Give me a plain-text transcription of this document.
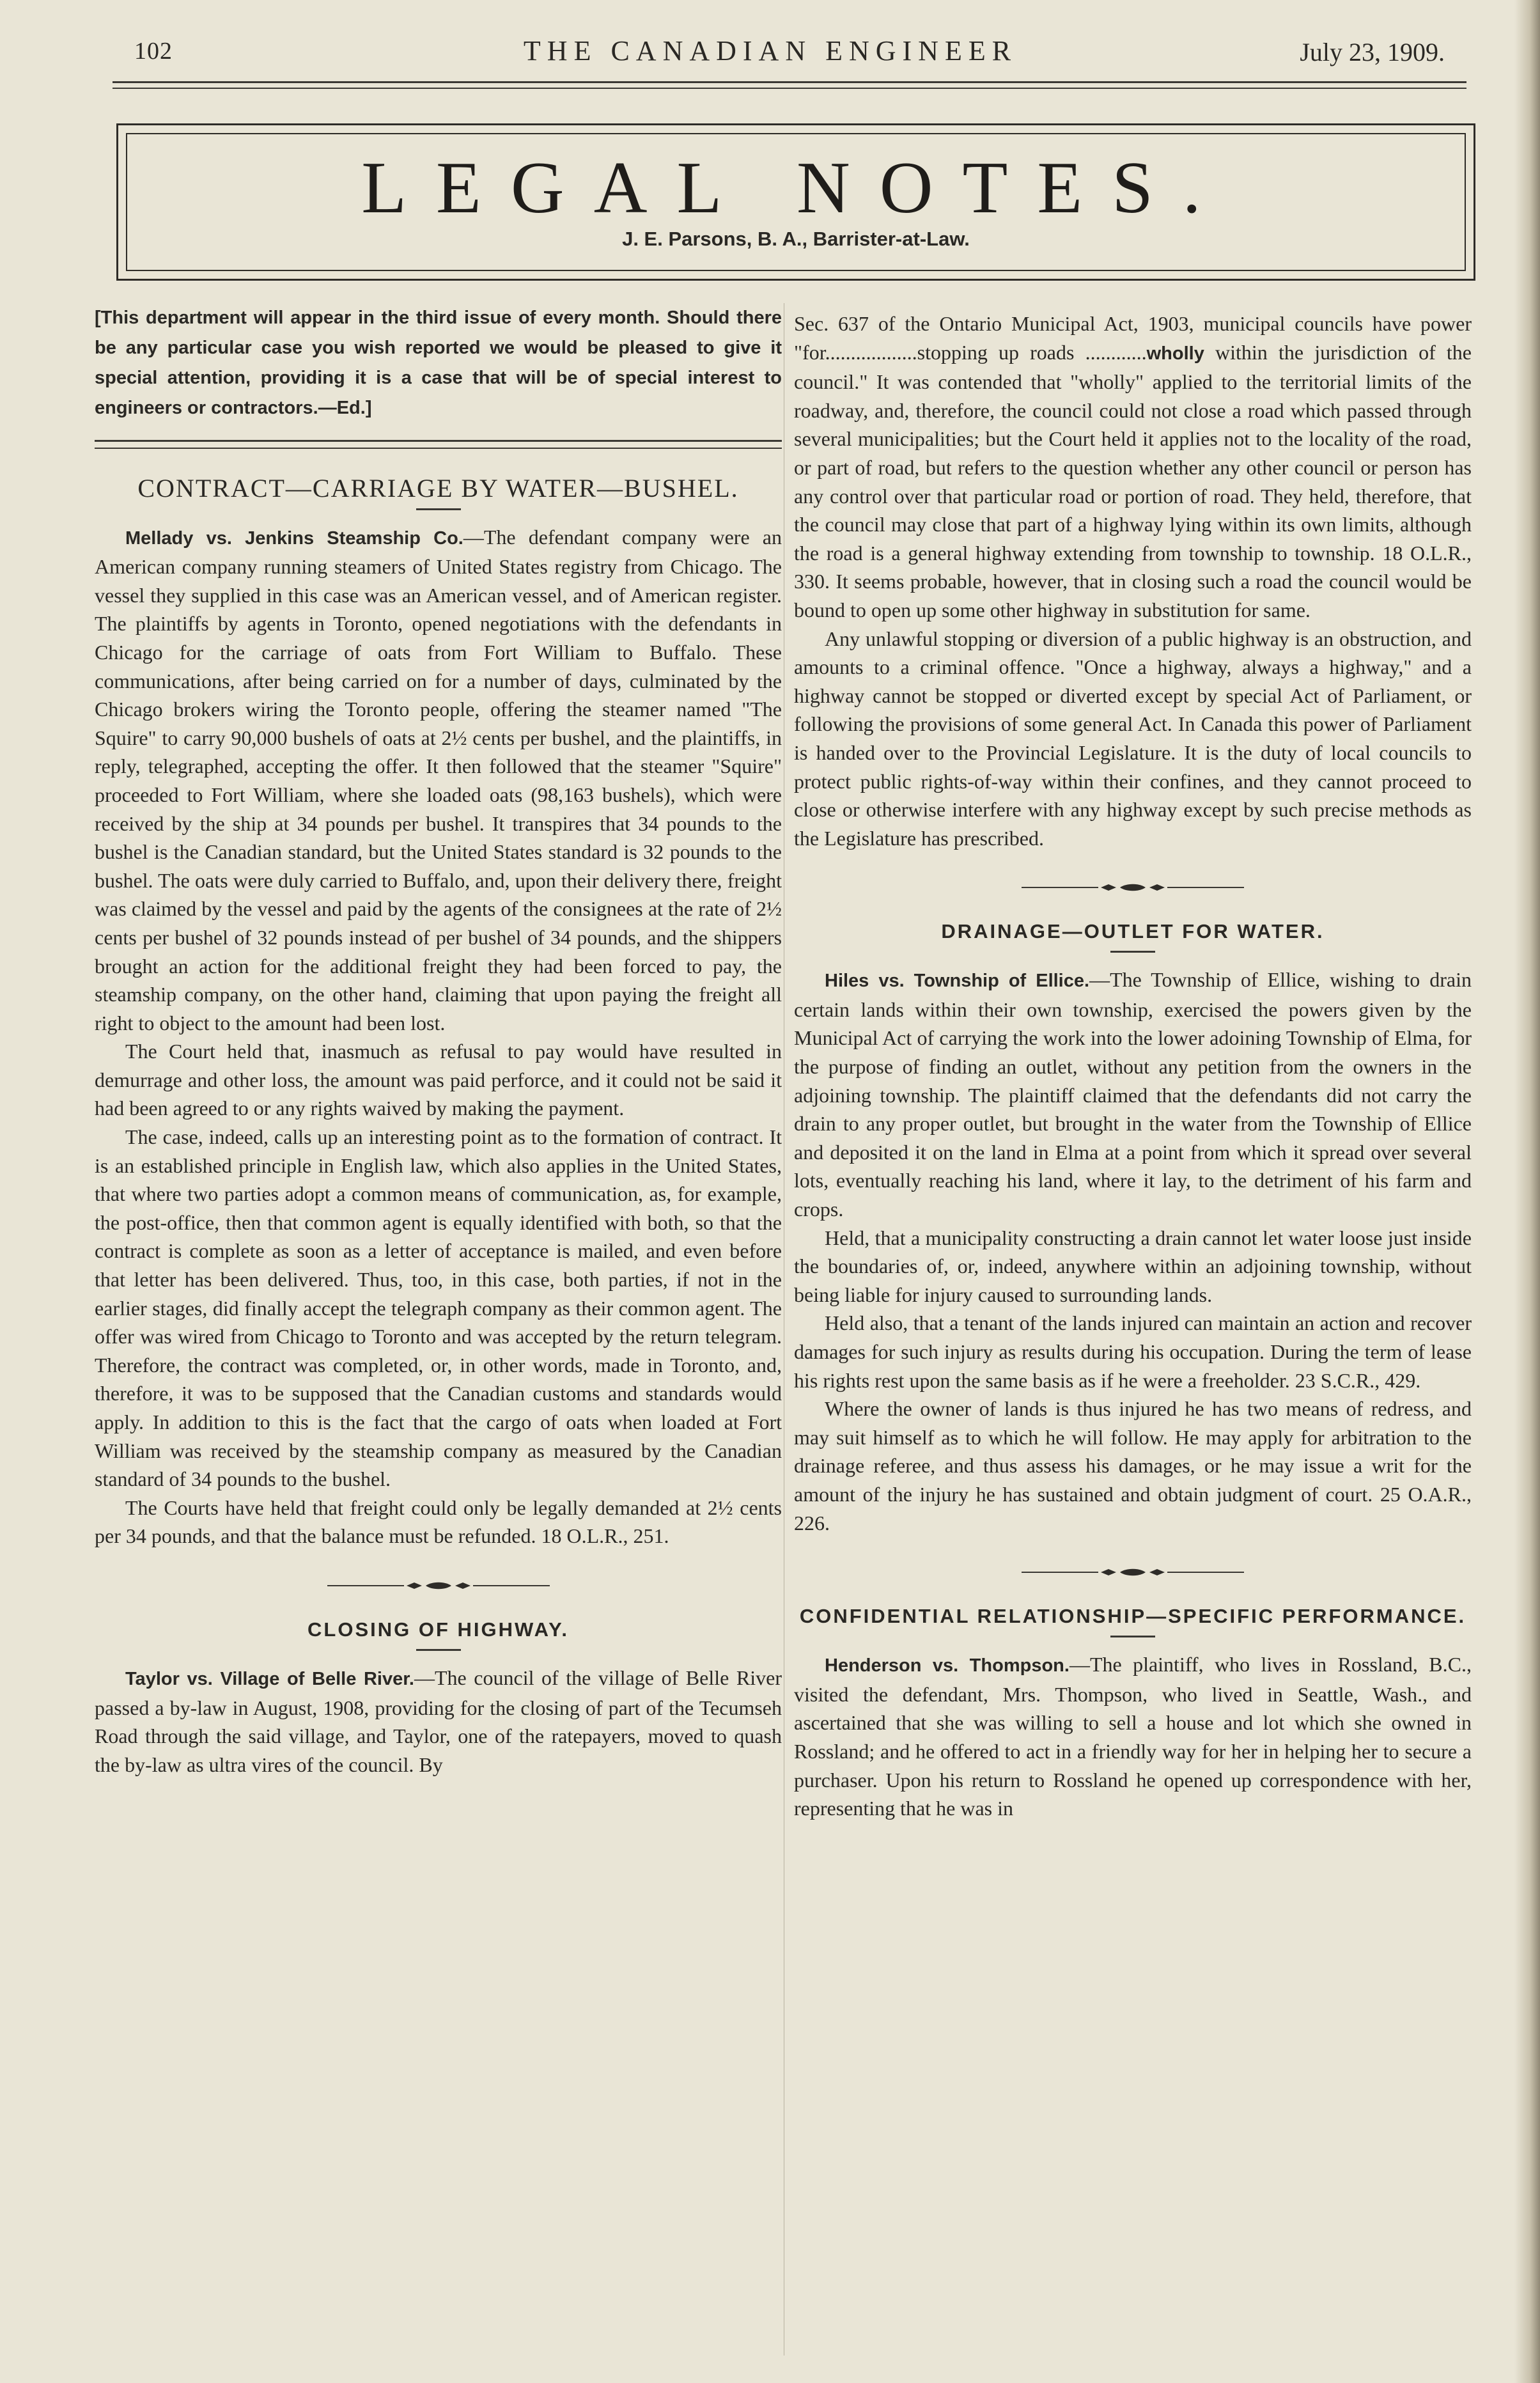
102	THE CANADIAN ENGINEER	July 23, 1909.
LEGAL NOTES.
J. E. Parsons, B. A., Barrister-at-Law.

[This department will appear in the third issue of every month. Should there be any particular case you wish reported we would be pleased to give it special attention, providing it is a case that will be of special interest to engineers or contractors.—Ed.]

CONTRACT—CARRIAGE BY WATER—BUSHEL.

Mellady vs. Jenkins Steamship Co.—The defendant company were an American company running steamers of United States registry from Chicago. The vessel they supplied in this case was an American vessel, and of American register. The plaintiffs by agents in Toronto, opened negotiations with the defendants in Chicago for the carriage of oats from Fort William to Buffalo. These communications, after being carried on for a number of days, culminated by the Chicago brokers wiring the Toronto people, offering the steamer named "The Squire" to carry 90,000 bushels of oats at 2½ cents per bushel, and the plaintiffs, in reply, telegraphed, accepting the offer. It then followed that the steamer "Squire" proceeded to Fort William, where she loaded oats (98,163 bushels), which were received by the ship at 34 pounds per bushel. It transpires that 34 pounds to the bushel is the Canadian standard, but the United States standard is 32 pounds to the bushel. The oats were duly carried to Buffalo, and, upon their delivery there, freight was claimed by the vessel and paid by the agents of the consignees at the rate of 2½ cents per bushel of 32 pounds instead of per bushel of 34 pounds, and the shippers brought an action for the additional freight they had been forced to pay, the steamship company, on the other hand, claiming that upon paying the freight all right to object to the amount had been lost.

The Court held that, inasmuch as refusal to pay would have resulted in demurrage and other loss, the amount was paid perforce, and it could not be said it had been agreed to or any rights waived by making the payment.

The case, indeed, calls up an interesting point as to the formation of contract. It is an established principle in English law, which also applies in the United States, that where two parties adopt a common means of communication, as, for example, the post-office, then that common agent is equally identified with both, so that the contract is complete as soon as a letter of acceptance is mailed, and even before that letter has been delivered. Thus, too, in this case, both parties, if not in the earlier stages, did finally accept the telegraph company as their common agent. The offer was wired from Chicago to Toronto and was accepted by the return telegram. Therefore, the contract was completed, or, in other words, made in Toronto, and, therefore, it was to be supposed that the Canadian customs and standards would apply. In addition to this is the fact that the cargo of oats when loaded at Fort William was received by the steamship company as measured by the Canadian standard of 34 pounds to the bushel.

The Courts have held that freight could only be legally demanded at 2½ cents per 34 pounds, and that the balance must be refunded. 18 O.L.R., 251.

CLOSING OF HIGHWAY.

Taylor vs. Village of Belle River.—The council of the village of Belle River passed a by-law in August, 1908, providing for the closing of part of the Tecumseh Road through the said village, and Taylor, one of the ratepayers, moved to quash the by-law as ultra vires of the council. By

Sec. 637 of the Ontario Municipal Act, 1903, municipal councils have power "for..................stopping up roads ............wholly within the jurisdiction of the council." It was contended that "wholly" applied to the territorial limits of the roadway, and, therefore, the council could not close a road which passed through several municipalities; but the Court held it applies not to the locality of the road, or part of road, but refers to the question whether any other council or person has any control over that particular road or portion of road. They held, therefore, that the council may close that part of a highway lying within its own limits, although the road is a general highway extending from township to township. 18 O.L.R., 330. It seems probable, however, that in closing such a road the council would be bound to open up some other highway in substitution for same.

Any unlawful stopping or diversion of a public highway is an obstruction, and amounts to a criminal offence. "Once a highway, always a highway," and a highway cannot be stopped or diverted except by special Act of Parliament, or following the provisions of some general Act. In Canada this power of Parliament is handed over to the Provincial Legislature. It is the duty of local councils to protect public rights-of-way within their confines, and they cannot proceed to close or otherwise interfere with any highway except by such precise methods as the Legislature has prescribed.

DRAINAGE—OUTLET FOR WATER.

Hiles vs. Township of Ellice.—The Township of Ellice, wishing to drain certain lands within their own township, exercised the powers given by the Municipal Act of carrying the work into the lower adoining Township of Elma, for the purpose of finding an outlet, without any petition from the owners in the adjoining township. The plaintiff claimed that the defendants did not carry the drain to any proper outlet, but brought in the water from the Township of Ellice and deposited it on the land in Elma at a point from which it spread over several lots, eventually reaching his land, where it lay, to the detriment of his farm and crops.

Held, that a municipality constructing a drain cannot let water loose just inside the boundaries of, or, indeed, anywhere within an adjoining township, without being liable for injury caused to surrounding lands.

Held also, that a tenant of the lands injured can maintain an action and recover damages for such injury as results during his occupation. During the term of lease his rights rest upon the same basis as if he were a freeholder. 23 S.C.R., 429.

Where the owner of lands is thus injured he has two means of redress, and may suit himself as to which he will follow. He may apply for arbitration to the drainage referee, and thus assess his damages, or he may issue a writ for the amount of the injury he has sustained and obtain judgment of court. 25 O.A.R., 226.

CONFIDENTIAL RELATIONSHIP—SPECIFIC PERFORMANCE.

Henderson vs. Thompson.—The plaintiff, who lives in Rossland, B.C., visited the defendant, Mrs. Thompson, who lived in Seattle, Wash., and ascertained that she was willing to sell a house and lot which she owned in Rossland; and he offered to act in a friendly way for her in helping her to secure a purchaser. Upon his return to Rossland he opened up correspondence with her, representing that he was in
